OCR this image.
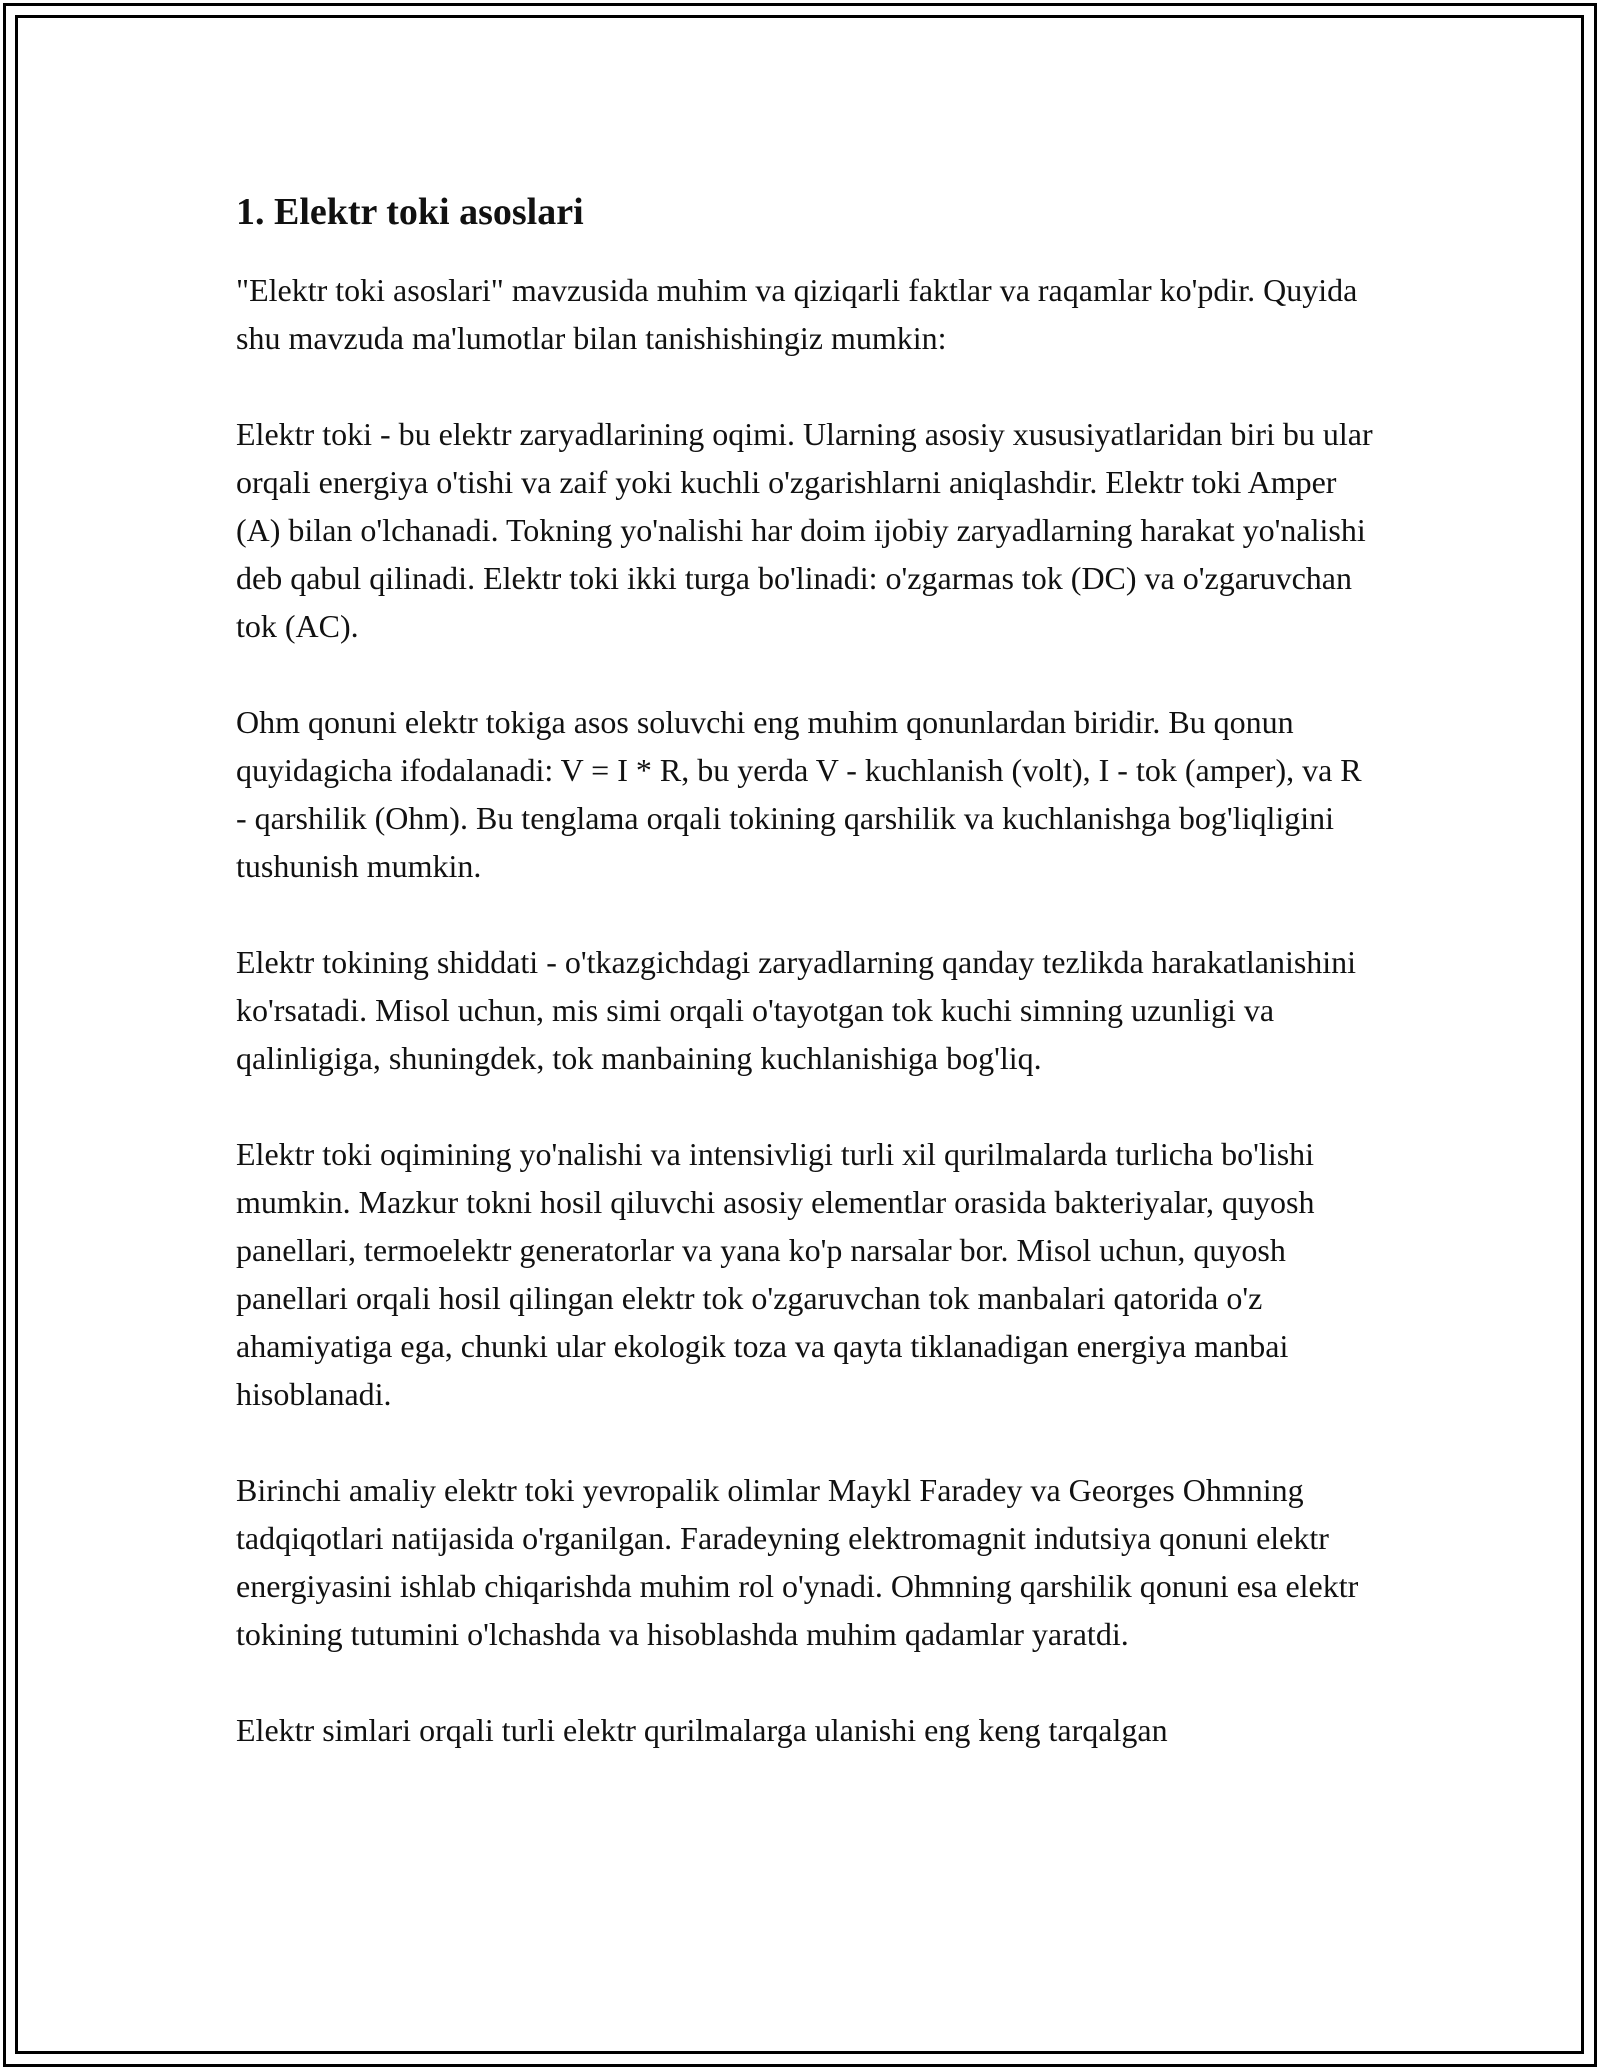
1. Elektr toki asoslari

"Elektr toki asoslari" mavzusida muhim va qiziqarli faktlar va raqamlar ko'pdir. Quyida shu mavzuda ma'lumotlar bilan tanishishingiz mumkin:

Elektr toki - bu elektr zaryadlarining oqimi. Ularning asosiy xususiyatlaridan biri bu ular orqali energiya o'tishi va zaif yoki kuchli o'zgarishlarni aniqlashdir. Elektr toki Amper (A) bilan o'lchanadi. Tokning yo'nalishi har doim ijobiy zaryadlarning harakat yo'nalishi deb qabul qilinadi. Elektr toki ikki turga bo'linadi: o'zgarmas tok (DC) va o'zgaruvchan tok (AC).

Ohm qonuni elektr tokiga asos soluvchi eng muhim qonunlardan biridir. Bu qonun quyidagicha ifodalanadi: V = I * R, bu yerda V - kuchlanish (volt), I - tok (amper), va R - qarshilik (Ohm). Bu tenglama orqali tokining qarshilik va kuchlanishga bog'liqligini tushunish mumkin.

Elektr tokining shiddati - o'tkazgichdagi zaryadlarning qanday tezlikda harakatlanishini ko'rsatadi. Misol uchun, mis simi orqali o'tayotgan tok kuchi simning uzunligi va qalinligiga, shuningdek, tok manbaining kuchlanishiga bog'liq.

Elektr toki oqimining yo'nalishi va intensivligi turli xil qurilmalarda turlicha bo'lishi mumkin. Mazkur tokni hosil qiluvchi asosiy elementlar orasida bakteriyalar, quyosh panellari, termoelektr generatorlar va yana ko'p narsalar bor. Misol uchun, quyosh panellari orqali hosil qilingan elektr tok o'zgaruvchan tok manbalari qatorida o'z ahamiyatiga ega, chunki ular ekologik toza va qayta tiklanadigan energiya manbai hisoblanadi.

Birinchi amaliy elektr toki yevropalik olimlar Maykl Faradey va Georges Ohmning tadqiqotlari natijasida o'rganilgan. Faradeyning elektromagnit indutsiya qonuni elektr energiyasini ishlab chiqarishda muhim rol o'ynadi. Ohmning qarshilik qonuni esa elektr tokining tutumini o'lchashda va hisoblashda muhim qadamlar yaratdi.

Elektr simlari orqali turli elektr qurilmalarga ulanishi eng keng tarqalgan
